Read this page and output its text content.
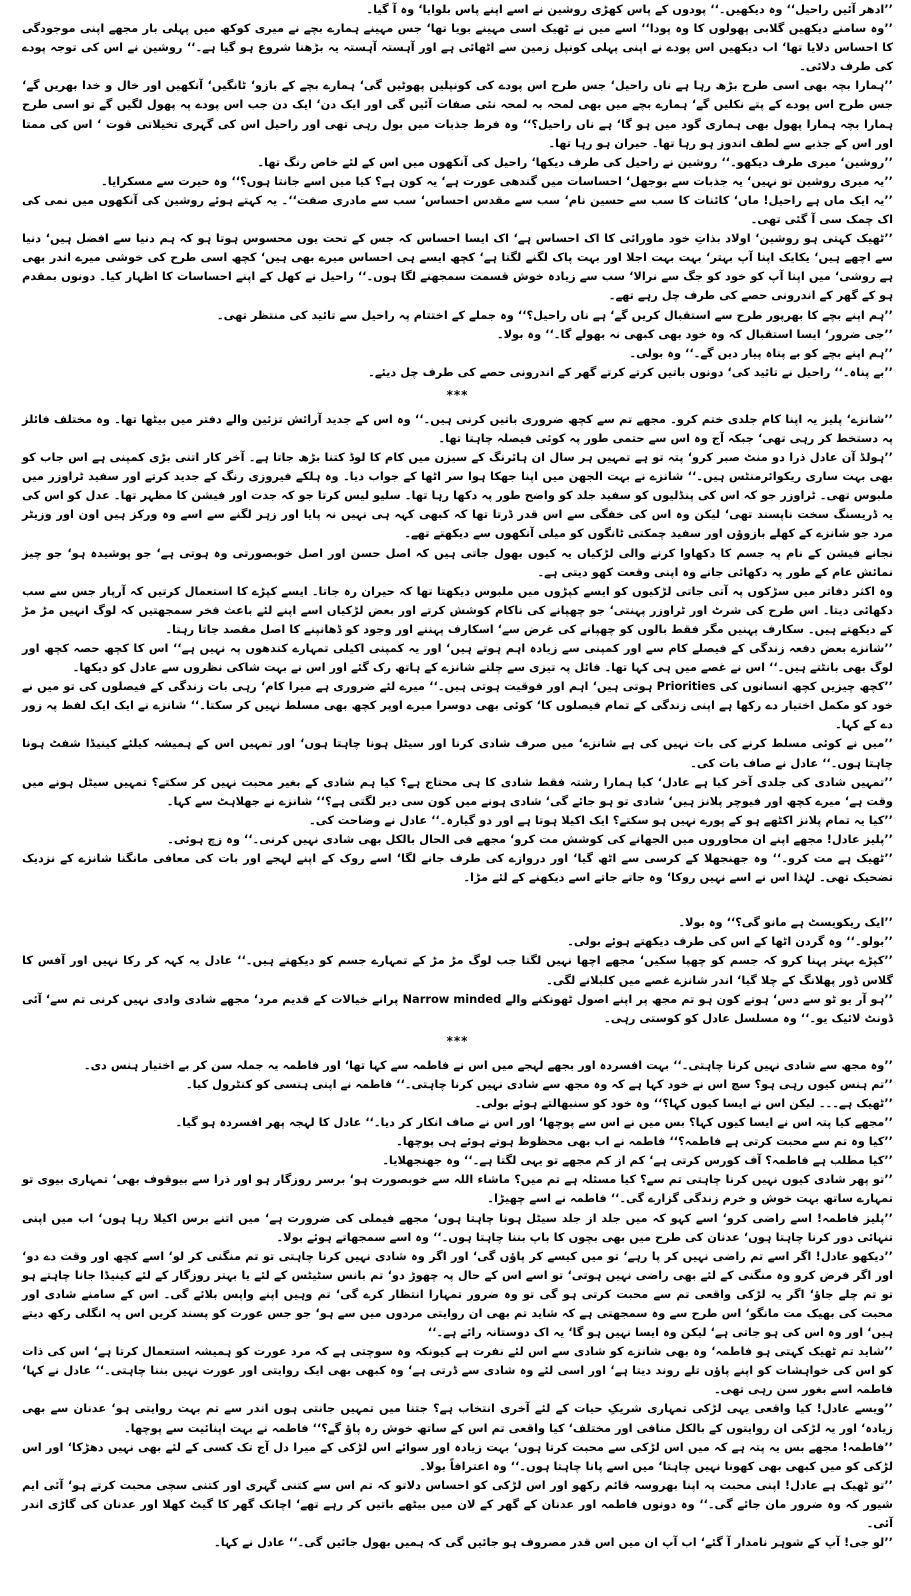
’’ادھر آئیں راحیل‘‘ وہ دیکھیں۔‘‘ پودوں کے پاس کھڑی روشین نے اسے اپنے پاس بلوایا‘ وہ آ گیا۔

’’وہ سامنے دیکھیں گلابی پھولوں کا وہ پودا‘‘ اسے میں نے ٹھیک اسی مہینے بویا تھا‘ جس مہینے ہمارے بچے نے میری کوکھ میں پہلی بار مجھے اپنی موجودگی کا احساس دلایا تھا‘ اب دیکھیں اس پودے نے اپنی پہلی کونپل زمین سے اٹھائی ہے اور آہستہ آہستہ یہ بڑھنا شروع ہو گیا ہے۔‘‘ روشین نے اس کی توجہ پودے کی طرف دلائی۔

’’ہمارا بچہ بھی اسی طرح بڑھ رہا ہے ناں راحیل‘ جس طرح اس پودے کی کونپلیں پھوٹیں گی‘ ہمارے بچے کے بازو‘ ٹانگیں‘ آنکھیں اور خال و خدا بھریں گے‘ جس طرح اس پودے کے پتے نکلیں گے‘ ہمارے بچے میں بھی لمحہ بہ لمحہ نئی صفات آئیں گی اور ایک دن‘ ایک دن جب اس پودے پہ پھول لگیں گے تو اسی طرح ہمارا بچہ ہمارا پھول بھی ہماری گود میں ہو گا‘ ہے ناں راحیل؟‘‘ وہ فرط جذبات میں بول رہی تھی اور راحیل اس کی گہری تخیلاتی قوت ‘ اس کی ممتا اور اس کے جذبے سے لطف اندوز ہو رہا تھا۔ حیران ہو رہا تھا۔

’’روشین‘ میری طرف دیکھو۔‘‘ روشین نے راحیل کی طرف دیکھا‘ راحیل کی آنکھوں میں اس کے لئے خاص رنگ تھا۔

’’یہ میری روشین تو نہیں‘ یہ جذبات سے بوجھل‘ احساسات میں گندھی عورت ہے‘ یہ کون ہے؟ کیا میں اسے جانتا ہوں؟‘‘ وہ حیرت سے مسکرایا۔

’’یہ ایک ماں ہے راحیل! ماں‘ کائنات کا سب سے حسین نام‘ سب سے مقدس احساس‘ سب سے مادری صفت‘‘۔ یہ کہتے ہوئے روشین کی آنکھوں میں نمی کی اک چمک سی آ گئی تھی۔

’’ٹھیک کہتی ہو روشین‘ اولاد بذاتِ خود ماورائی کا اک احساس ہے‘ اک ایسا احساس کہ جس کے تحت یوں محسوس ہوتا ہو کہ ہم دنیا سے افضل ہیں‘ دنیا سے اچھے ہیں‘ یکایک اپنا آپ بہتر‘ بہت بہت اجلا اور بہت پاک لگنے لگتا ہے‘ کچھ ایسے ہی احساس میرے بھی ہیں‘ کچھ اسی طرح کی خوشی میرے اندر بھی ہے روشی‘ میں اپنا آپ کو خود کو جگ سے نرالا‘ سب سے زیادہ خوش قسمت سمجھنے لگا ہوں۔‘‘ راحیل نے کھل کے اپنے احساسات کا اظہار کیا۔ دونوں بمقدم ہو کے گھر کے اندرونی حصے کی طرف چل رہے تھے۔

’’ہم اپنے بچے کا بھرپور طرح سے استقبال کریں گے‘ ہے ناں راحیل؟‘‘ وہ جملے کے اختتام پہ راحیل سے تائید کی منتظر تھی۔

’’جی ضرور‘ ایسا استقبال کہ وہ خود بھی کبھی نہ بھولے گا۔‘‘ وہ بولا۔

’’ہم اپنے بچے کو بے پناہ پیار دیں گے۔‘‘ وہ بولی۔

’’بے پناہ۔‘‘ راحیل نے تائید کی‘ دونوں باتیں کرتے کرتے گھر کے اندرونی حصے کی طرف چل دیئے۔

***

’’شانزے‘ پلیز یہ اپنا کام جلدی ختم کرو۔ مجھے تم سے کچھ ضروری باتیں کرنی ہیں۔‘‘ وہ اس کے جدید آرائش تزئین والے دفتر میں بیٹھا تھا۔ وہ مختلف فائلز پہ دستخط کر رہی تھی‘ جبکہ آج وہ اس سے حتمی طور پہ کوئی فیصلہ چاہتا تھا۔

’’ہولڈ آن عادل ذرا دو منٹ صبر کرو‘ پتہ تو ہے تمہیں ہر سال ان ہائرنگ کے سیزن میں کام کا لوڈ کتنا بڑھ جاتا ہے۔ آخر کار اتنی بڑی کمپنی ہے اس جاب کو بھی بہت ساری ریکوائرمنٹس ہیں۔‘‘ شانزے نے بہت الجھن میں اپنا جھکا ہوا سر اٹھا کے جواب دیا۔ وہ ہلکے فیروزی رنگ کے جدید کرتے اور سفید ٹراوزر میں ملبوس تھی۔ ٹراوزر جو کہ اس کی پنڈلیوں کو سفید جلد کو واضح طور پہ دکھا رہا تھا۔ سلیو لیس کرتا جو کہ جدت اور فیشن کا مظہر تھا۔ عدل کو اس کی یہ ڈریسنگ سخت ناپسند تھی‘ لیکن وہ اس کی خفگی سے اس قدر ڈرتا تھا کہ کبھی کہہ ہی نہیں نہ پایا اور زہر لگنے سے اسے وہ ورکز ہیں اون اور وزیٹر مرد جو شانزے کے کھلے بازوؤں اور سفید چمکتی ٹانگوں کو میلی آنکھوں سے دیکھتے تھے۔

نجانے فیشن کے نام پہ جسم کا دکھاوا کرنے والی لڑکیاں یہ کیوں بھول جاتی ہیں کہ اصل حسن اور اصل خوبصورتی وہ ہوتی ہے‘ جو پوشیدہ ہو‘ جو چیز نمائش عام کے طور پہ دکھائی جانے وہ اپنی وقعت کھو دیتی ہے۔

وہ اکثر دفاتر میں سڑکوں پہ آتی جاتی لڑکیوں کو ایسے کپڑوں میں ملبوس دیکھتا تھا کہ حیران رہ جاتا۔ ایسے کپڑے کا استعمال کرتیں کہ آرپار جس سے سب دکھائی دیتا۔ اس طرح کی شرٹ اور ٹراوزر پہنتی‘ جو چھپانے کی ناکام کوشش کرتے اور بعض لڑکیاں اسے اپنے لئے باعث فخر سمجھتیں کہ لوگ انہیں مڑ مڑ کے دیکھتے ہیں۔ سکارف پہنیں مگر فقط بالوں کو چھپانے کی غرض سے‘ اسکارف پہننے اور وجود کو ڈھانپنے کا اصل مقصد جاتا رہتا۔

’’شانزے بعض دفعہ زندگی کے فیصلے کام سے اور کمپنی سے زیادہ اہم ہوتے ہیں‘ اور یہ کمپنی اکیلی تمہارے کندھوں پہ نہیں ہے‘‘ اس کا کچھ حصہ کچھ اور لوگ بھی بانٹتے ہیں۔‘‘ اس نے غصے میں ہی کہا تھا۔ فائل پہ تیزی سے چلتے شانزے کے ہاتھ رک گئے اور اس نے بہت شاکی نظروں سے عادل کو دیکھا۔

’’کچھ چیزیں کچھ انسانوں کی Priorities ہوتی ہیں‘ اہم اور فوقیت ہوتی ہیں۔‘‘ میرے لئے ضروری ہے میرا کام‘ رہی بات زندگی کے فیصلوں کی تو میں نے خود کو مکمل اختیار دے رکھا ہے اپنی زندگی کے تمام فیصلوں کا‘ کوئی بھی دوسرا میرے اوپر کچھ بھی مسلط نہیں کر سکتا۔‘‘ شانزے نے ایک ایک لفظ پہ زور دے کے کہا۔

’’میں نے کوئی مسلط کرنے کی بات نہیں کی ہے شانزے‘ میں صرف شادی کرنا اور سیٹل ہونا چاہتا ہوں‘ اور تمہیں اس کے ہمیشہ کیلئے کینیڈا شفٹ ہونا چاہتا ہوں۔‘‘ عادل نے صاف بات کی۔

’’تمہیں شادی کی جلدی آخر کیا ہے عادل‘ کیا ہمارا رشتہ فقط شادی کا ہی محتاج ہے؟ کیا ہم شادی کے بغیر محبت نہیں کر سکتے؟ تمہیں سیٹل ہونے میں وقت ہے‘ میرے کچھ اور فیوچر پلانز ہیں‘ شادی تو ہو جائے گی‘ شادی ہونے میں کون سی دیر لگتی ہے؟‘‘ شانزے نے جھلاہٹ سے کہا۔

’’کیا یہ تمام پلانز اکٹھے ہو کے پورے نہیں ہو سکتے؟ ایک اکیلا ہوتا ہے اور دو گیارہ۔‘‘ عادل نے وضاحت کی۔

’’پلیز عادل! مجھے اپنے ان محاوروں میں الجھانے کی کوشش مت کرو‘ مجھے فی الحال بالکل بھی شادی نہیں کرنی۔‘‘ وہ زچ ہوئی۔

’’ٹھیک ہے مت کرو۔‘‘ وہ جھنجھلا کے کرسی سے اٹھ گیا‘ اور دروازے کی طرف جانے لگا‘ اسے روک کے اپنے لہجے اور بات کی معافی مانگنا شانزے کے نزدیک تضحیک تھی۔ لہٰذا اس نے اسے نہیں روکا‘ وہ جاتے جاتے اسے دیکھنے کے لئے مڑا۔

’’ایک ریکویسٹ ہے مانو گی؟‘‘ وہ بولا۔

’’بولو۔‘‘ وہ گردن اٹھا کے اس کی طرف دیکھتے ہوئے بولی۔

’’کپڑے بہتر پہنا کرو کہ جسم کو چھپا سکیں‘ مجھے اچھا نہیں لگتا جب لوگ مڑ مڑ کے تمہارے جسم کو دیکھتے ہیں۔‘‘ عادل یہ کہہ کر رکا نہیں اور آفس کا گلاس ڈور پھلانگ کے چلا گیا‘ اندر شانزے غصے میں کلبلانے لگی۔

’’ہو آر یو ٹو سے دس‘ ہوتے کون ہو تم مجھ پر اپنے اصول ٹھونکنے والے Narrow minded پرانے خیالات کے قدیم مرد‘ مجھے شادی وادی نہیں کرنی تم سے‘ آئی ڈونٹ لائیک یو۔‘‘ وہ مسلسل عادل کو کوستی رہی۔

***

’’وہ مجھ سے شادی نہیں کرنا چاہتی۔‘‘ بہت افسردہ اور بجھے لہجے میں اس نے فاطمہ سے کہا تھا‘ اور فاطمہ یہ جملہ سن کر بے اختیار ہنس دی۔

’’تم ہنس کیوں رہی ہو؟ سچ اس نے خود کہا ہے کہ وہ مجھ سے شادی نہیں کرنا چاہتی۔‘‘ فاطمہ نے اپنی ہنسی کو کنٹرول کیا۔

’’ٹھیک ہے۔۔۔ لیکن اس نے ایسا کیوں کہا؟‘‘ وہ خود کو سنبھالتے ہوئے بولی۔

’’مجھے کیا پتہ اس نے ایسا کیوں کہا؟ بس میں نے اس سے پوچھا‘ اور اس نے صاف انکار کر دیا۔‘‘ عادل کا لہجہ پھر افسردہ ہو گیا۔

’’کیا وہ تم سے محبت کرتی ہے فاطمہ؟‘‘ فاطمہ نے اب بھی محظوظ ہوتے ہوئے ہی پوچھا۔

’’کیا مطلب ہے فاطمہ؟ آف کورس کرتی ہے‘ کم از کم مجھے تو یہی لگتا ہے۔‘‘ وہ جھنجھلایا۔

’’تو پھر شادی کیوں نہیں کرنا چاہتی تم سے؟ کیا مسئلہ ہے تم میں؟ ماشاء اللہ سے خوبصورت ہو‘ برسر روزگار ہو اور ذرا سے بیوقوف بھی‘ تمہاری بیوی تو تمہارے ساتھ بہت خوش و خرم زندگی گزارے گی۔‘‘ فاطمہ نے اسے چھیڑا۔

’’پلیز فاطمہ! اسے راضی کرو‘ اسے کہو کہ میں جلد از جلد سیٹل ہونا چاہتا ہوں‘ مجھے فیملی کی ضرورت ہے‘ میں اتنے برس اکیلا رہا ہوں‘ اب میں اپنی تنہائی دور کرنا چاہتا ہوں‘ عدنان کی طرح میں بھی بچوں کا باپ بننا چاہتا ہوں۔‘‘ وہ اسے سمجھاتے ہوئے بولا۔

’’دیکھو عادل! اگر اسے تم راضی نہیں کر پا رہے‘ تو میں کیسے کر پاؤں گی‘ اور اگر وہ شادی نہیں کرنا چاہتی تو تم منگنی کر لو‘ اسے کچھ اور وقت دے دو‘ اور اگر فرض کرو وہ منگنی کے لئے بھی راضی نہیں ہوتی‘ تو اسے اس کے حال پہ چھوڑ دو‘ تم بانس سٹیٹس کے لئے یا بہتر روزگار کے لئے کینیڈا جانا چاہتے ہو تو تم چلے جاؤ‘ اگر یہ لڑکی واقعی تم سے محبت کرتی ہو گی تو وہ ضرور تمہارا انتظار کرے گی‘ تم وہیں اپنے واپس بلائے گی۔ اس کے سامنے شادی اور محبت کی بھیک مت مانگو‘ اس طرح سے وہ سمجھتی ہے کہ شاید تم بھی ان روایتی مردوں میں سے ہو‘ جو جس عورت کو پسند کریں اس پہ انگلی رکھ دیتے ہیں‘ اور وہ اس کی ہو جاتی ہے‘ لیکن وہ ایسا نہیں ہو گا‘ یہ اک دوستانہ رائے ہے۔‘‘

’’شاید تم ٹھیک کہتی ہو فاطمہ‘ وہ بھی شانزے کو شادی سے اس لئے نفرت ہے کیونکہ وہ سوچتی ہے کہ مرد عورت کو ہمیشہ استعمال کرتا ہے‘ اس کی ذات کو اس کی خواہشات کو اپنے پاؤں تلے روند دیتا ہے‘ اور اسی لئے وہ شادی سے ڈرتی ہے‘ وہ کبھی بھی ایک روایتی اور عورت نہیں بننا چاہتی۔‘‘ عادل نے کہا‘ فاطمہ اسے بغور سن رہی تھی۔

’’ویسے عادل! کیا واقعی یہی لڑکی تمہاری شریکِ حیات کے لئے آخری انتخاب ہے؟ جتنا میں تمہیں جانتی ہوں اندر سے تم بہت روایتی ہو‘ عدنان سے بھی زیادہ‘ اور یہ لڑکی ان روایتوں کے بالکل منافی اور مختلف‘ کیا واقعی تم اس کے ساتھ خوش رہ پاؤ گے؟‘‘ فاطمہ نے بہت اپنائیت سے پوچھا۔

’’فاطمہ! مجھے بس یہ پتہ ہے کہ میں اس لڑکی سے محبت کرتا ہوں‘ بہت زیادہ اور سوائے اس لڑکی کے میرا دل آج تک کسی کے لئے بھی نہیں دھڑکا‘ اور اس لڑکی کو میں کبھی بھی کھونا نہیں چاہتا‘ میں اسے پانا چاہتا ہوں۔‘‘ وہ اعترافاً بولا۔

’’تو ٹھیک ہے عادل! اپنی محبت پہ اپنا بھروسہ قائم رکھو اور اس لڑکی کو احساس دلاتو کہ تم اس سے کتنی گہری اور کتنی سچی محبت کرتے ہو‘ آئی ایم شیور کہ وہ ضرور مان جائے گی۔‘‘ وہ دونوں فاطمہ اور عدنان کے گھر کے لان میں بیٹھے باتیں کر رہے تھے‘ اچانک گھر کا گیٹ کھلا اور عدنان کی گاڑی اندر آئی۔

’’لو جی! آپ کے شوہر نامدار آ گئے‘ اب آپ ان میں اس قدر مصروف ہو جائیں گی کہ ہمیں بھول جائیں گی۔‘‘ عادل نے کہا۔
